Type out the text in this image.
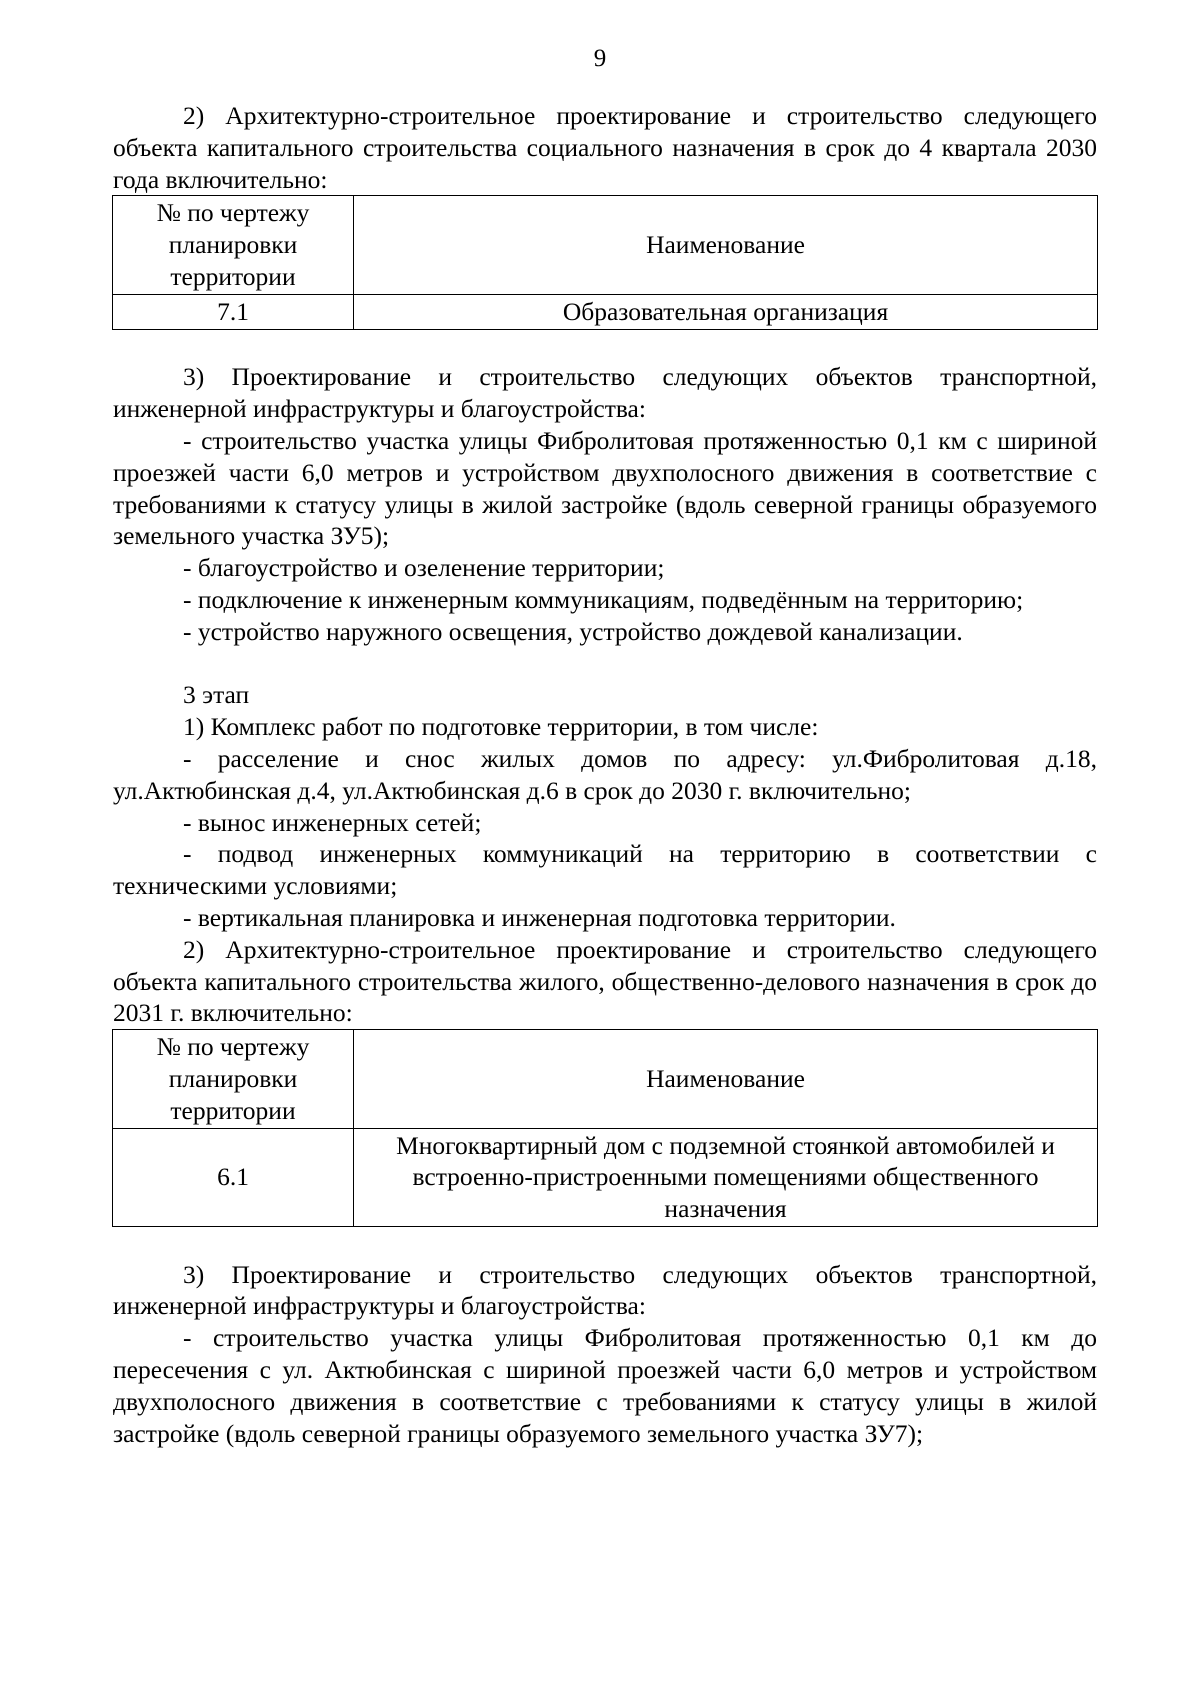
9

2) Архитектурно-строительное проектирование и строительство следующего объекта капитального строительства социального назначения в срок до 4 квартала 2030 года включительно:

№ по чертежу планировки территории	Наименование
7.1	Образовательная организация

3) Проектирование и строительство следующих объектов транспортной, инженерной инфраструктуры и благоустройства:

- строительство участка улицы Фибролитовая протяженностью 0,1 км с шириной проезжей части 6,0 метров и устройством двухполосного движения в соответствие с требованиями к статусу улицы в жилой застройке (вдоль северной границы образуемого земельного участка ЗУ5);

- благоустройство и озеленение территории;

- подключение к инженерным коммуникациям, подведённым на территорию;

- устройство наружного освещения, устройство дождевой канализации.

3 этап

1) Комплекс работ по подготовке территории, в том числе:

- расселение и снос жилых домов по адресу: ул.Фибролитовая д.18, ул.Актюбинская д.4, ул.Актюбинская д.6 в срок до 2030 г. включительно;

- вынос инженерных сетей;

- подвод инженерных коммуникаций на территорию в соответствии с техническими условиями;

- вертикальная планировка и инженерная подготовка территории.

2) Архитектурно-строительное проектирование и строительство следующего объекта капитального строительства жилого, общественно-делового назначения в срок до 2031 г. включительно:

№ по чертежу планировки территории	Наименование
6.1	Многоквартирный дом с подземной стоянкой автомобилей и встроенно-пристроенными помещениями общественного назначения

3) Проектирование и строительство следующих объектов транспортной, инженерной инфраструктуры и благоустройства:

- строительство участка улицы Фибролитовая протяженностью 0,1 км до пересечения с ул. Актюбинская с шириной проезжей части 6,0 метров и устройством двухполосного движения в соответствие с требованиями к статусу улицы в жилой застройке (вдоль северной границы образуемого земельного участка ЗУ7);
